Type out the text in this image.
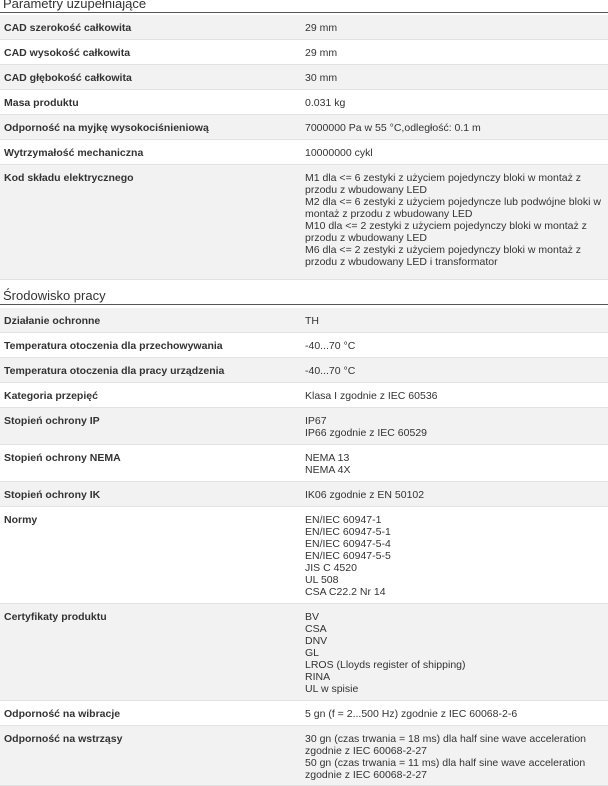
Parametry uzupełniające
CAD szerokość całkowita	29 mm
CAD wysokość całkowita	29 mm
CAD głębokość całkowita	30 mm
Masa produktu	0.031 kg
Odporność na myjkę wysokociśnieniową	7000000 Pa w 55 °C,odległość: 0.1 m
Wytrzymałość mechaniczna	10000000 cykl
Kod składu elektrycznego	M1 dla <= 6 zestyki z użyciem pojedynczy bloki w montaż z
przodu z wbudowany LED
M2 dla <= 6 zestyki z użyciem pojedyncze lub podwójne bloki w
montaż z przodu z wbudowany LED
M10 dla <= 2 zestyki z użyciem pojedynczy bloki w montaż z
przodu z wbudowany LED
M6 dla <= 2 zestyki z użyciem pojedynczy bloki w montaż z
przodu z wbudowany LED i transformator
Środowisko pracy
Działanie ochronne	TH
Temperatura otoczenia dla przechowywania	-40...70 °C
Temperatura otoczenia dla pracy urządzenia	-40...70 °C
Kategoria przepięć	Klasa I zgodnie z IEC 60536
Stopień ochrony IP	IP67
IP66 zgodnie z IEC 60529
Stopień ochrony NEMA	NEMA 13
NEMA 4X
Stopień ochrony IK	IK06 zgodnie z EN 50102
Normy	EN/IEC 60947-1
EN/IEC 60947-5-1
EN/IEC 60947-5-4
EN/IEC 60947-5-5
JIS C 4520
UL 508
CSA C22.2 Nr 14
Certyfikaty produktu	BV
CSA
DNV
GL
LROS (Lloyds register of shipping)
RINA
UL w spisie
Odporność na wibracje	5 gn (f = 2...500 Hz) zgodnie z IEC 60068-2-6
Odporność na wstrząsy	30 gn (czas trwania = 18 ms) dla half sine wave acceleration
zgodnie z IEC 60068-2-27
50 gn (czas trwania = 11 ms) dla half sine wave acceleration
zgodnie z IEC 60068-2-27
